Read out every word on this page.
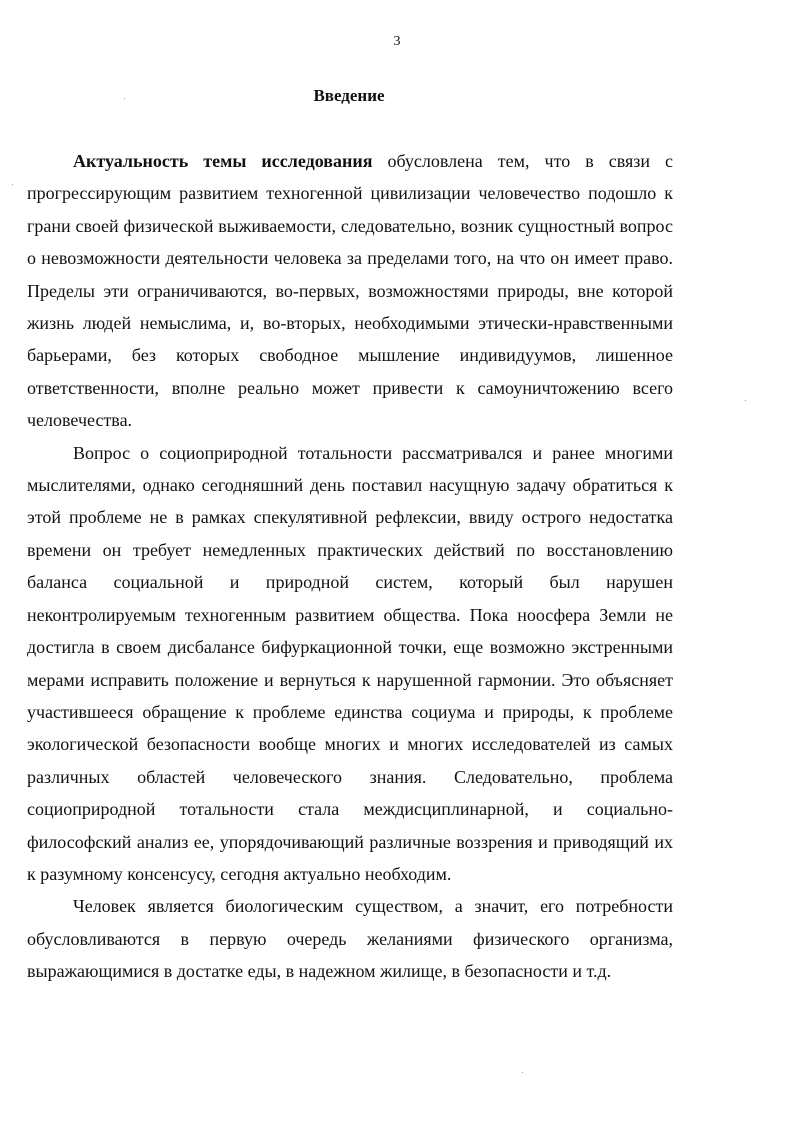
3
Введение

Актуальность темы исследования обусловлена тем, что в связи с прогрессирующим развитием техногенной цивилизации человечество подошло к грани своей физической выживаемости, следовательно, возник сущностный вопрос о невозможности деятельности человека за пределами того, на что он имеет право. Пределы эти ограничиваются, во-первых, возможностями природы, вне которой жизнь людей немыслима, и, во-вторых, необходимыми этически-нравственными барьерами, без которых свободное мышление индивидуумов, лишенное ответственности, вполне реально может привести к самоуничтожению всего человечества.

Вопрос о социоприродной тотальности рассматривался и ранее многими мыслителями, однако сегодняшний день поставил насущную задачу обратиться к этой проблеме не в рамках спекулятивной рефлексии, ввиду острого недостатка времени он требует немедленных практических действий по восстановлению баланса социальной и природной систем, который был нарушен неконтролируемым техногенным развитием общества. Пока ноосфера Земли не достигла в своем дисбалансе бифуркационной точки, еще возможно экстренными мерами исправить положение и вернуться к нарушенной гармонии. Это объясняет участившееся обращение к проблеме единства социума и природы, к проблеме экологической безопасности вообще многих и многих исследователей из самых различных областей человеческого знания. Следовательно, проблема социоприродной тотальности стала междисциплинарной, и социально-философский анализ ее, упорядочивающий различные воззрения и приводящий их к разумному консенсусу, сегодня актуально необходим.

Человек является биологическим существом, а значит, его потребности обусловливаются в первую очередь желаниями физического организма, выражающимися в достатке еды, в надежном жилище, в безопасности и т.д.
